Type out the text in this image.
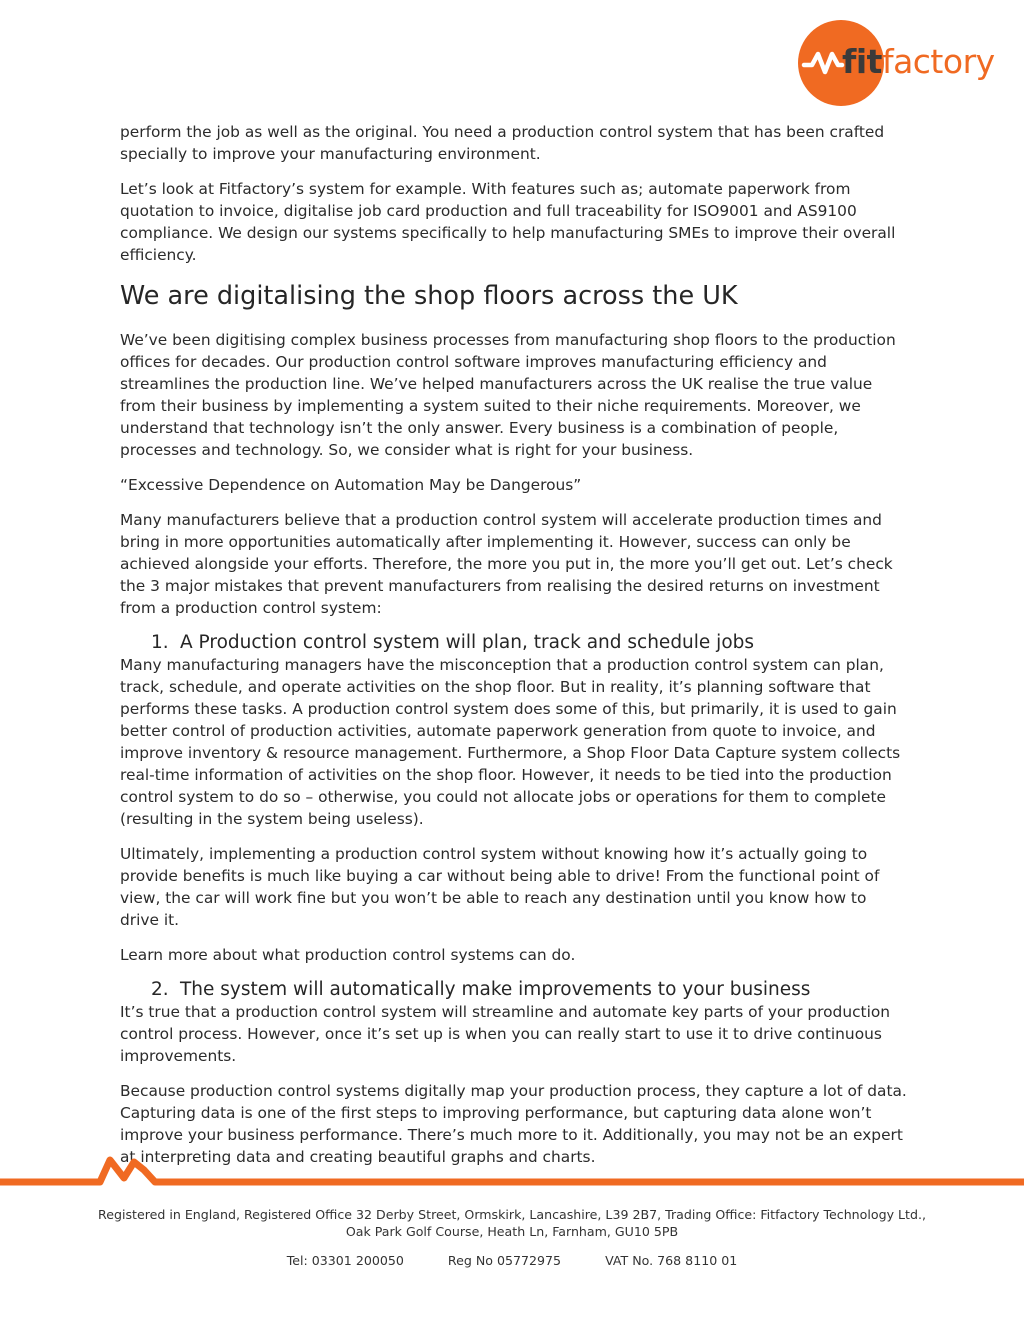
fitfactory

perform the job as well as the original. You need a production control system that has been crafted specially to improve your manufacturing environment.

Let’s look at Fitfactory’s system for example. With features such as; automate paperwork from quotation to invoice, digitalise job card production and full traceability for ISO9001 and AS9100 compliance. We design our systems specifically to help manufacturing SMEs to improve their overall efficiency.

We are digitalising the shop floors across the UK

We’ve been digitising complex business processes from manufacturing shop floors to the production offices for decades. Our production control software improves manufacturing efficiency and streamlines the production line. We’ve helped manufacturers across the UK realise the true value from their business by implementing a system suited to their niche requirements. Moreover, we understand that technology isn’t the only answer. Every business is a combination of people, processes and technology. So, we consider what is right for your business.

“Excessive Dependence on Automation May be Dangerous”

Many manufacturers believe that a production control system will accelerate production times and bring in more opportunities automatically after implementing it. However, success can only be achieved alongside your efforts. Therefore, the more you put in, the more you’ll get out. Let’s check the 3 major mistakes that prevent manufacturers from realising the desired returns on investment from a production control system:

1. A Production control system will plan, track and schedule jobs

Many manufacturing managers have the misconception that a production control system can plan, track, schedule, and operate activities on the shop floor. But in reality, it’s planning software that performs these tasks. A production control system does some of this, but primarily, it is used to gain better control of production activities, automate paperwork generation from quote to invoice, and improve inventory & resource management. Furthermore, a Shop Floor Data Capture system collects real-time information of activities on the shop floor. However, it needs to be tied into the production control system to do so – otherwise, you could not allocate jobs or operations for them to complete (resulting in the system being useless).

Ultimately, implementing a production control system without knowing how it’s actually going to provide benefits is much like buying a car without being able to drive! From the functional point of view, the car will work fine but you won’t be able to reach any destination until you know how to drive it.

Learn more about what production control systems can do.

2. The system will automatically make improvements to your business

It’s true that a production control system will streamline and automate key parts of your production control process. However, once it’s set up is when you can really start to use it to drive continuous improvements.

Because production control systems digitally map your production process, they capture a lot of data. Capturing data is one of the first steps to improving performance, but capturing data alone won’t improve your business performance. There’s much more to it. Additionally, you may not be an expert at interpreting data and creating beautiful graphs and charts.

Registered in England, Registered Office 32 Derby Street, Ormskirk, Lancashire, L39 2B7, Trading Office: Fitfactory Technology Ltd.,
Oak Park Golf Course, Heath Ln, Farnham, GU10 5PB
Tel: 03301 200050	Reg No 05772975	VAT No. 768 8110 01
